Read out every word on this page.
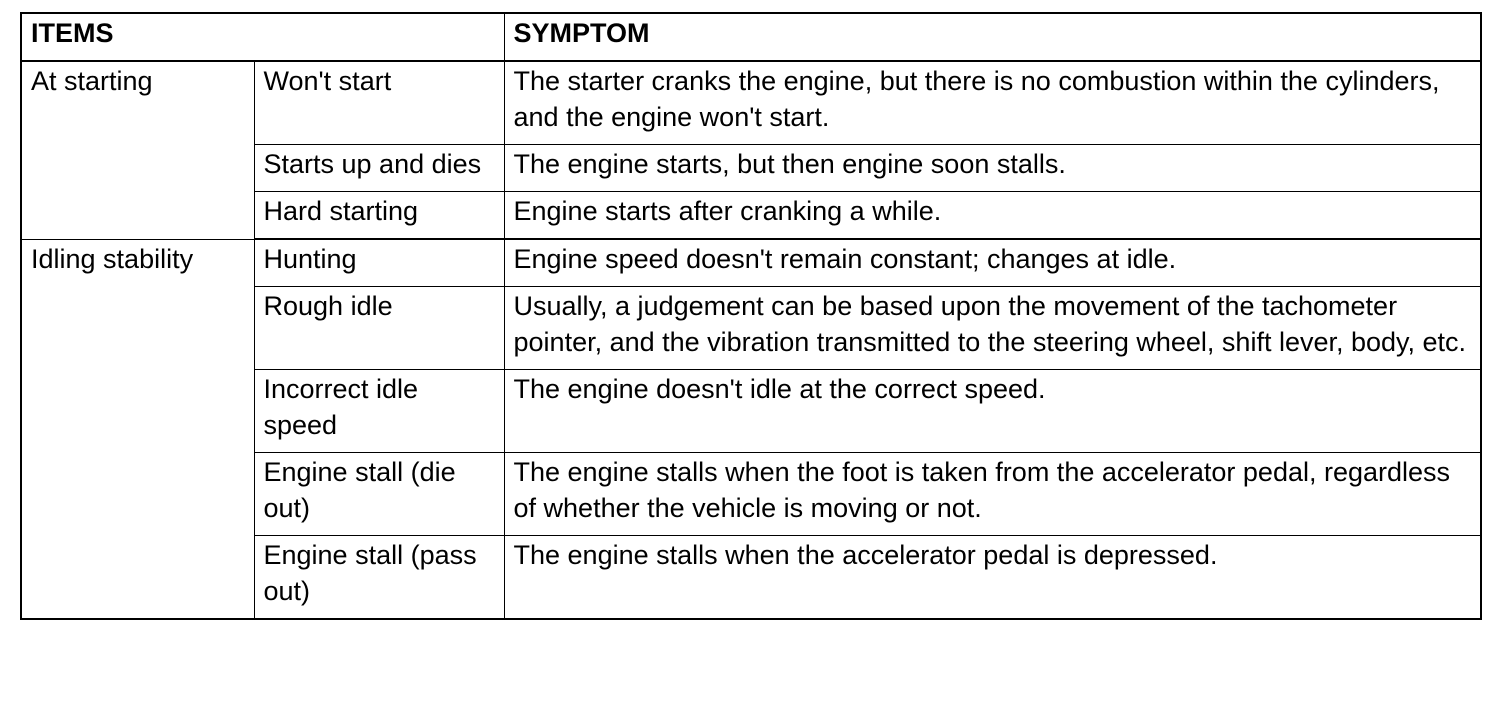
ITEMS		SYMPTOM
At starting	Won't start	The starter cranks the engine, but there is no combustion within the cylinders, and the engine won't start.
	Starts up and dies	The engine starts, but then engine soon stalls.
	Hard starting	Engine starts after cranking a while.
Idling stability	Hunting	Engine speed doesn't remain constant; changes at idle.
	Rough idle	Usually, a judgement can be based upon the movement of the tachometer pointer, and the vibration transmitted to the steering wheel, shift lever, body, etc.
	Incorrect idle speed	The engine doesn't idle at the correct speed.
	Engine stall (die out)	The engine stalls when the foot is taken from the accelerator pedal, regardless of whether the vehicle is moving or not.
	Engine stall (pass out)	The engine stalls when the accelerator pedal is depressed.
